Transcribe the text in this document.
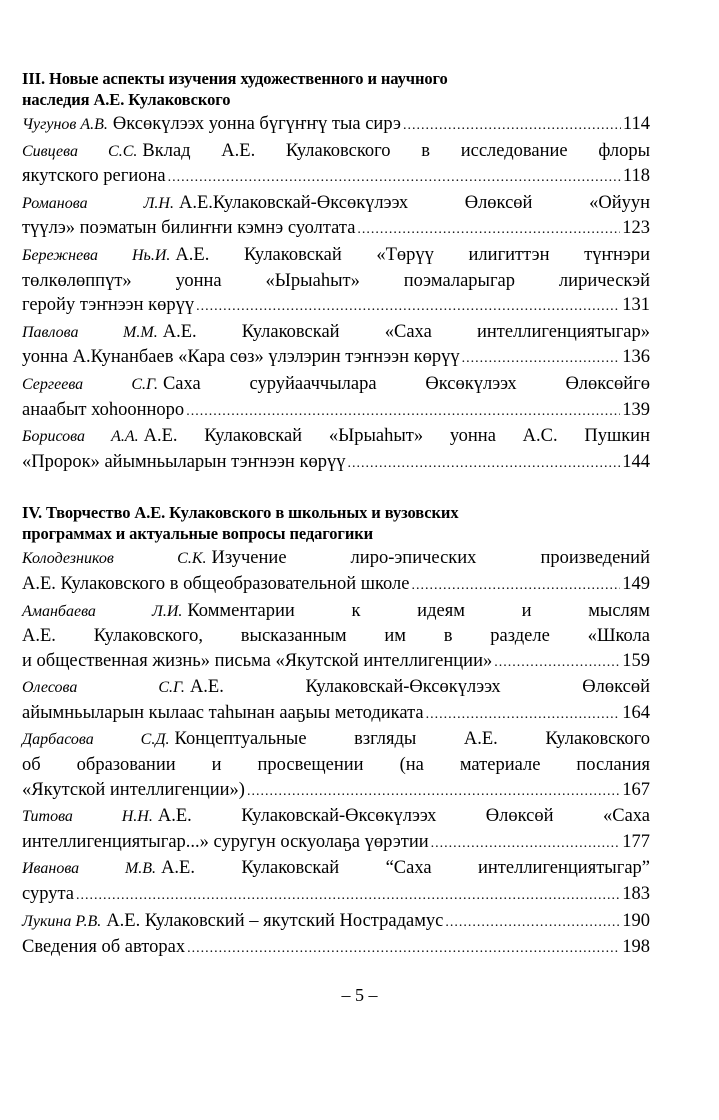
III. Новые аспекты изучения художественного и научного
наследия А.Е. Кулаковского
Чугунов А.В. Өксөкүлээх уонна бүгүҥҥү тыа сирэ .....	114
Сивцева С.С. Вклад А.Е. Кулаковского в исследование флоры
якутского региона .....	118
Романова Л.Н. А.Е.Кулаковскай-Өксөкүлээх Өлөксөй «Ойуун
түүлэ» поэматын билиҥҥи кэмнэ суолтата .....	123
Бережнева Нь.И. А.Е. Кулаковскай «Төрүү илигиттэн түҥнэри
төлкөлөппүт» уонна «Ырыаһыт» поэмаларыгар лирическэй
геройу тэҥнээн көрүү .....	131
Павлова М.М. А.Е. Кулаковскай «Саха интеллигенциятыгар»
уонна А.Кунанбаев «Кара сөз» үлэлэрин тэҥнээн көрүү .....	136
Сергеева С.Г. Саха суруйааччылара Өксөкүлээх Өлөксөйгө
анаабыт хоһооннорo .....	139
Борисова А.А. А.Е. Кулаковскай «Ырыаһыт» уонна А.С. Пушкин
«Пророк» айымньыларын тэҥнээн көрүү .....	144
IV. Творчество А.Е. Кулаковского в школьных и вузовских
программах и актуальные вопросы педагогики
Колодезников С.К. Изучение лиро-эпических произведений
А.Е. Кулаковского в общеобразовательной школе .....	149
Аманбаева Л.И. Комментарии к идеям и мыслям
А.Е. Кулаковского, высказанным им в разделе «Школа
и общественная жизнь» письма «Якутской интеллигенции» .....	159
Олесова С.Г. А.Е. Кулаковскай-Өксөкүлээх Өлөксөй
айымньыларын кылаас таһынан ааҕыы методиката .....	164
Дарбасова С.Д. Концептуальные взгляды А.Е. Кулаковского
об образовании и просвещении (на материале послания
«Якутской интеллигенции») .....	167
Титова Н.Н. А.Е. Кулаковскай-Өксөкүлээх Өлөксөй «Саха
интеллигенциятыгар...» суругун оскуолаҕа үөрэтии .....	177
Иванова М.В. А.Е. Кулаковскай “Саха интеллигенциятыгар”
сурута .....	183
Лукина Р.В. А.Е. Кулаковский – якутский Нострадамус .....	190
Сведения об авторах .....	198
– 5 –
